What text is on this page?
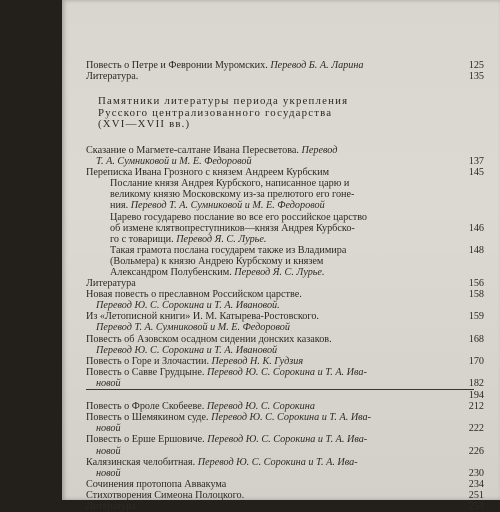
Повесть о Петре и Февронии Муромских. Перевод Б. А. Ларина	125

Литература.	135

Памятники литературы периода укрепления

Русского централизованного государства

(XVI—XVII вв.)

Сказание о Магмете-салтане Ивана Пересветова. Перевод

Т. А. Сумниковой и М. Е. Федоровой	137

Переписка Ивана Грозного с князем Андреем Курбским	145

Послание князя Андрея Курбского, написанное царю и

великому князю Московскому из-за прелютого его гоне-

ния. Перевод Т. А. Сумниковой и М. Е. Федоровой

Царево государево послание во все его российское царство

об измене клятвопреступников—князя Андрея Курбско-	146

го с товарищи. Перевод Я. С. Лурье.

Такая грамота послана государем также из Владимира	148

(Вольмера) к князю Андрею Курбскому и князем

Александром Полубенским. Перевод Я. С. Лурье.

Литература	156

Новая повесть о преславном Российском царстве.	158

Перевод Ю. С. Сорокина и Т. А. Ивановой.

Из «Летописной книги» И. М. Катырева-Ростовского.	159

Перевод Т. А. Сумниковой и М. Е. Федоровой

Повесть об Азовском осадном сидении донских казаков.	168

Перевод Ю. С. Сорокина и Т. А. Ивановой

Повесть о Горе и Злочастии. Перевод Н. К. Гудзия	170

Повесть о Савве Грудцыне. Перевод Ю. С. Сорокина и Т. А. Ива-

новой	182

194

Повесть о Фроле Скобееве. Перевод Ю. С. Сорокина	212

Повесть о Шемякином суде. Перевод Ю. С. Сорокина и Т. А. Ива-

новой	222

Повесть о Ерше Ершовиче. Перевод Ю. С. Сорокина и Т. А. Ива-

новой	226

Калязинская челобитная. Перевод Ю. С. Сорокина и Т. А. Ива-

новой	230

Сочинения протопопа Аввакума	234

Стихотворения Симеона Полоцкого.	251

Литература.	253
